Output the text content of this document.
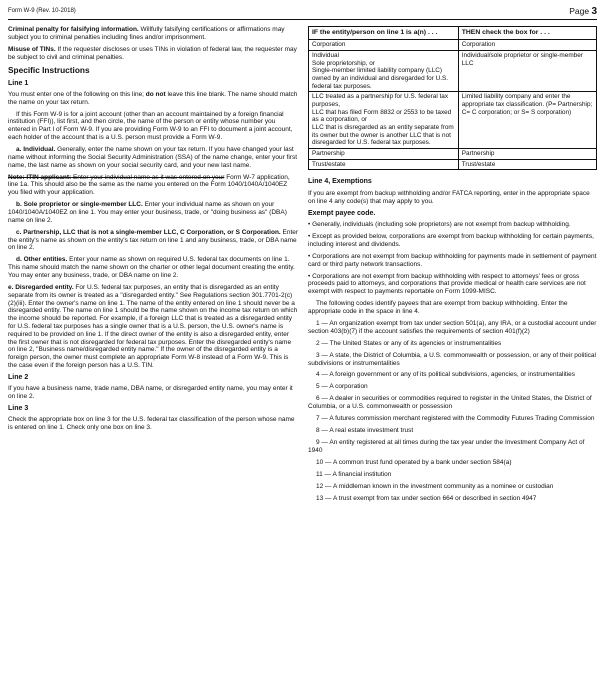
Form W-9 (Rev. 10-2018)	Page 3

Criminal penalty for falsifying information. Willfully falsifying certifications or affirmations may subject you to criminal penalties including fines and/or imprisonment.

Misuse of TINs. If the requester discloses or uses TINs in violation of federal law, the requester may be subject to civil and criminal penalties.

Specific Instructions
Line 1

You must enter one of the following on this line; do not leave this line blank. The name should match the name on your tax return.

If this Form W-9 is for a joint account (other than an account maintained by a foreign financial institution (FFI)), list first, and then circle, the name of the person or entity whose number you entered in Part I of Form W-9. If you are providing Form W-9 to an FFI to document a joint account, each holder of the account that is a U.S. person must provide a Form W-9.

a. Individual. Generally, enter the name shown on your tax return. If you have changed your last name without informing the Social Security Administration (SSA) of the name change, enter your first name, the last name as shown on your social security card, and your new last name.

Note: ITIN applicant: Enter your individual name as it was entered on your Form W-7 application, line 1a. This should also be the same as the name you entered on the Form 1040/1040A/1040EZ you filed with your application.

b. Sole proprietor or single-member LLC. Enter your individual name as shown on your 1040/1040A/1040EZ on line 1. You may enter your business, trade, or "doing business as" (DBA) name on line 2.

c. Partnership, LLC that is not a single-member LLC, C Corporation, or S Corporation. Enter the entity's name as shown on the entity's tax return on line 1 and any business, trade, or DBA name on line 2.

d. Other entities. Enter your name as shown on required U.S. federal tax documents on line 1. This name should match the name shown on the charter or other legal document creating the entity. You may enter any business, trade, or DBA name on line 2.

e. Disregarded entity. For U.S. federal tax purposes, an entity that is disregarded as an entity separate from its owner is treated as a "disregarded entity." See Regulations section 301.7701-2(c)(2)(iii). Enter the owner's name on line 1. The name of the entity entered on line 1 should never be a disregarded entity. The name on line 1 should be the name shown on the income tax return on which the income should be reported. For example, if a foreign LLC that is treated as a disregarded entity for U.S. federal tax purposes has a single owner that is a U.S. person, the U.S. owner's name is required to be provided on line 1. If the direct owner of the entity is also a disregarded entity, enter the first owner that is not disregarded for federal tax purposes. Enter the disregarded entity's name on line 2, "Business name/disregarded entity name." If the owner of the disregarded entity is a foreign person, the owner must complete an appropriate Form W-8 instead of a Form W-9. This is the case even if the foreign person has a U.S. TIN.

Line 2

If you have a business name, trade name, DBA name, or disregarded entity name, you may enter it on line 2.

Line 3

Check the appropriate box on line 3 for the U.S. federal tax classification of the person whose name is entered on line 1. Check only one box on line 3.

IF the entity/person on line 1 is a(n) . . .	THEN check the box for . . .
Corporation	Corporation
Individual
Sole proprietorship, or
Single-member limited liability company (LLC) owned by an individual and disregarded for U.S. federal tax purposes.	Individual/sole proprietor or single-member LLC
LLC treated as a partnership for U.S. federal tax purposes,
LLC that has filed Form 8832 or 2553 to be taxed as a corporation, or
LLC that is disregarded as an entity separate from its owner but the owner is another LLC that is not disregarded for U.S. federal tax purposes.	Limited liability company and enter the appropriate tax classification. (P= Partnership; C= C corporation; or S= S corporation)
Partnership	Partnership
Trust/estate	Trust/estate
Line 4, Exemptions

If you are exempt from backup withholding and/or FATCA reporting, enter in the appropriate space on line 4 any code(s) that may apply to you.

Exempt payee code.

• Generally, individuals (including sole proprietors) are not exempt from backup withholding.

• Except as provided below, corporations are exempt from backup withholding for certain payments, including interest and dividends.

• Corporations are not exempt from backup withholding for payments made in settlement of payment card or third party network transactions.

• Corporations are not exempt from backup withholding with respect to attorneys' fees or gross proceeds paid to attorneys, and corporations that provide medical or health care services are not exempt with respect to payments reportable on Form 1099-MISC.

The following codes identify payees that are exempt from backup withholding. Enter the appropriate code in the space in line 4.

1 — An organization exempt from tax under section 501(a), any IRA, or a custodial account under section 403(b)(7) if the account satisfies the requirements of section 401(f)(2)

2 — The United States or any of its agencies or instrumentalities

3 — A state, the District of Columbia, a U.S. commonwealth or possession, or any of their political subdivisions or instrumentalities

4 — A foreign government or any of its political subdivisions, agencies, or instrumentalities

5 — A corporation

6 — A dealer in securities or commodities required to register in the United States, the District of Columbia, or a U.S. commonwealth or possession

7 — A futures commission merchant registered with the Commodity Futures Trading Commission

8 — A real estate investment trust

9 — An entity registered at all times during the tax year under the Investment Company Act of 1940

10 — A common trust fund operated by a bank under section 584(a)

11 — A financial institution

12 — A middleman known in the investment community as a nominee or custodian

13 — A trust exempt from tax under section 664 or described in section 4947
